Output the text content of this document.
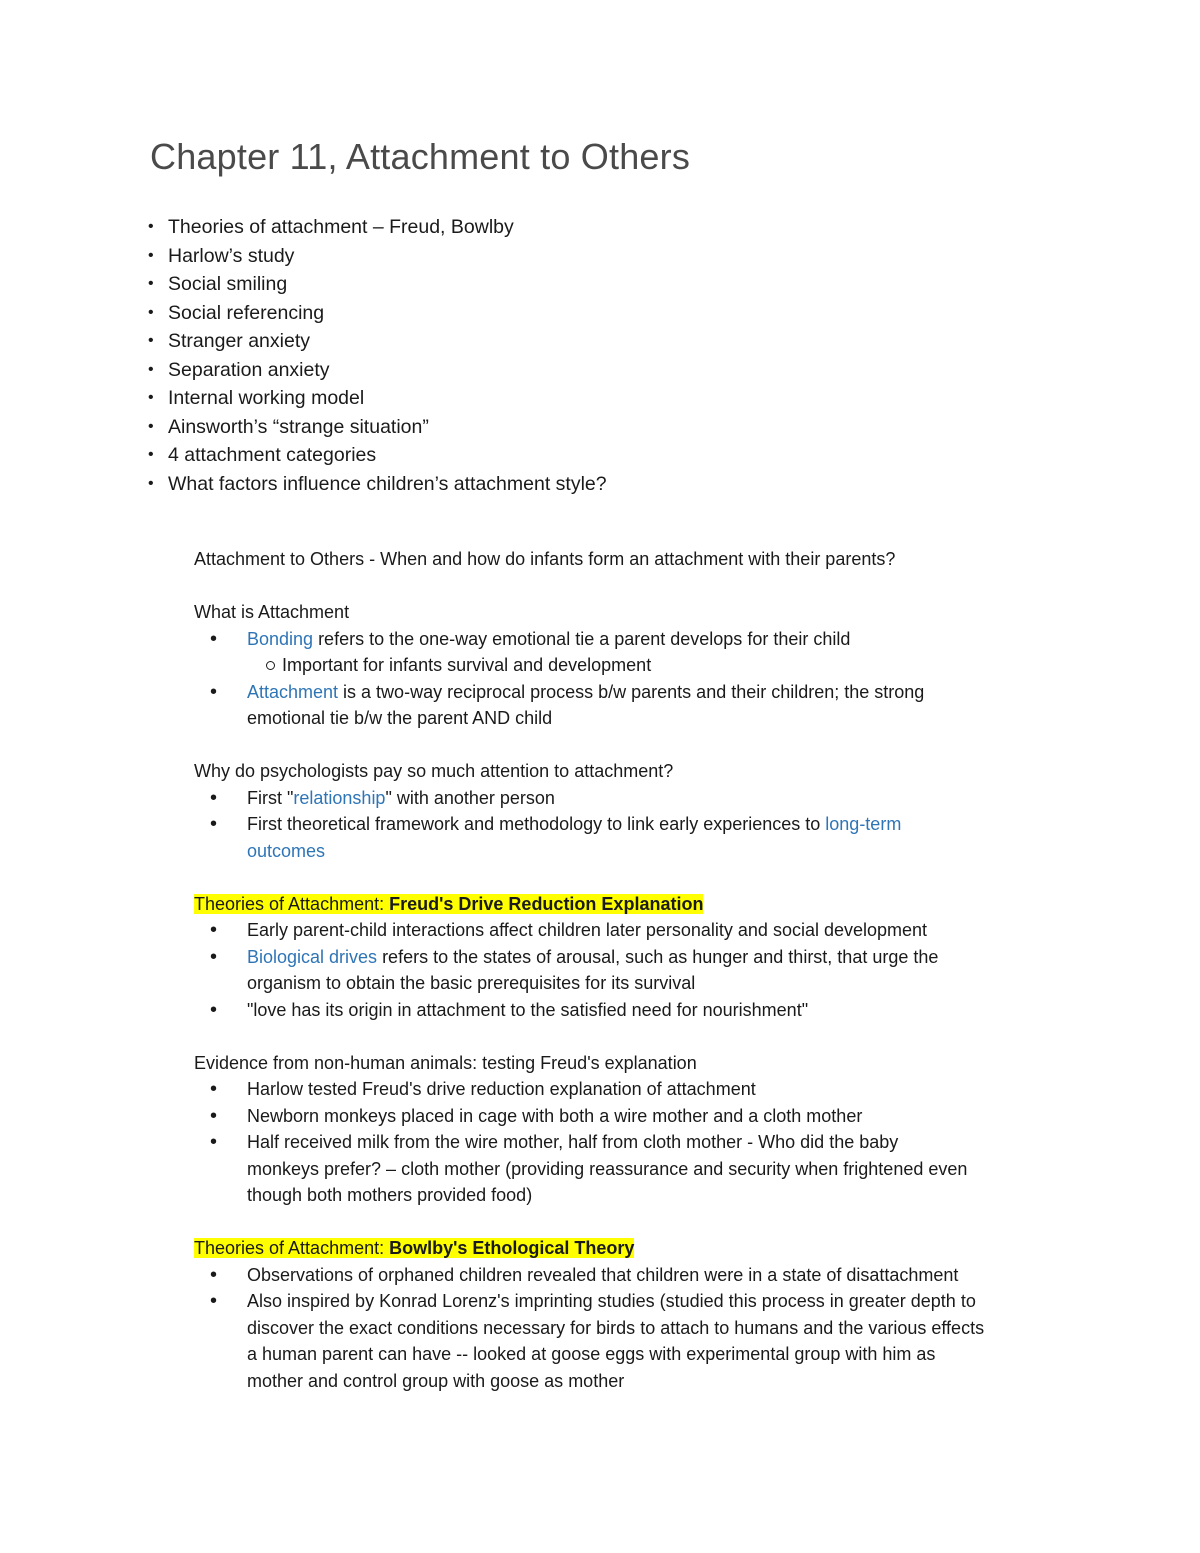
Chapter 11, Attachment to Others
• Theories of attachment – Freud, Bowlby
• Harlow’s study
• Social smiling
• Social referencing
• Stranger anxiety
• Separation anxiety
• Internal working model
• Ainsworth’s “strange situation”
• 4 attachment categories
• What factors influence children’s attachment style?
Attachment to Others - When and how do infants form an attachment with their parents?
What is Attachment
• Bonding refers to the one-way emotional tie a parent develops for their child
Important for infants survival and development
• Attachment is a two-way reciprocal process b/w parents and their children; the strong
emotional tie b/w the parent AND child
Why do psychologists pay so much attention to attachment?
• First "relationship" with another person
• First theoretical framework and methodology to link early experiences to long-term
outcomes
Theories of Attachment: Freud's Drive Reduction Explanation
• Early parent-child interactions affect children later personality and social development
• Biological drives refers to the states of arousal, such as hunger and thirst, that urge the
organism to obtain the basic prerequisites for its survival
• "love has its origin in attachment to the satisfied need for nourishment"
Evidence from non-human animals: testing Freud's explanation
• Harlow tested Freud's drive reduction explanation of attachment
• Newborn monkeys placed in cage with both a wire mother and a cloth mother
• Half received milk from the wire mother, half from cloth mother - Who did the baby
monkeys prefer? – cloth mother (providing reassurance and security when frightened even
though both mothers provided food)
Theories of Attachment: Bowlby's Ethological Theory
• Observations of orphaned children revealed that children were in a state of disattachment
• Also inspired by Konrad Lorenz's imprinting studies (studied this process in greater depth to
discover the exact conditions necessary for birds to attach to humans and the various effects
a human parent can have -- looked at goose eggs with experimental group with him as
mother and control group with goose as mother
